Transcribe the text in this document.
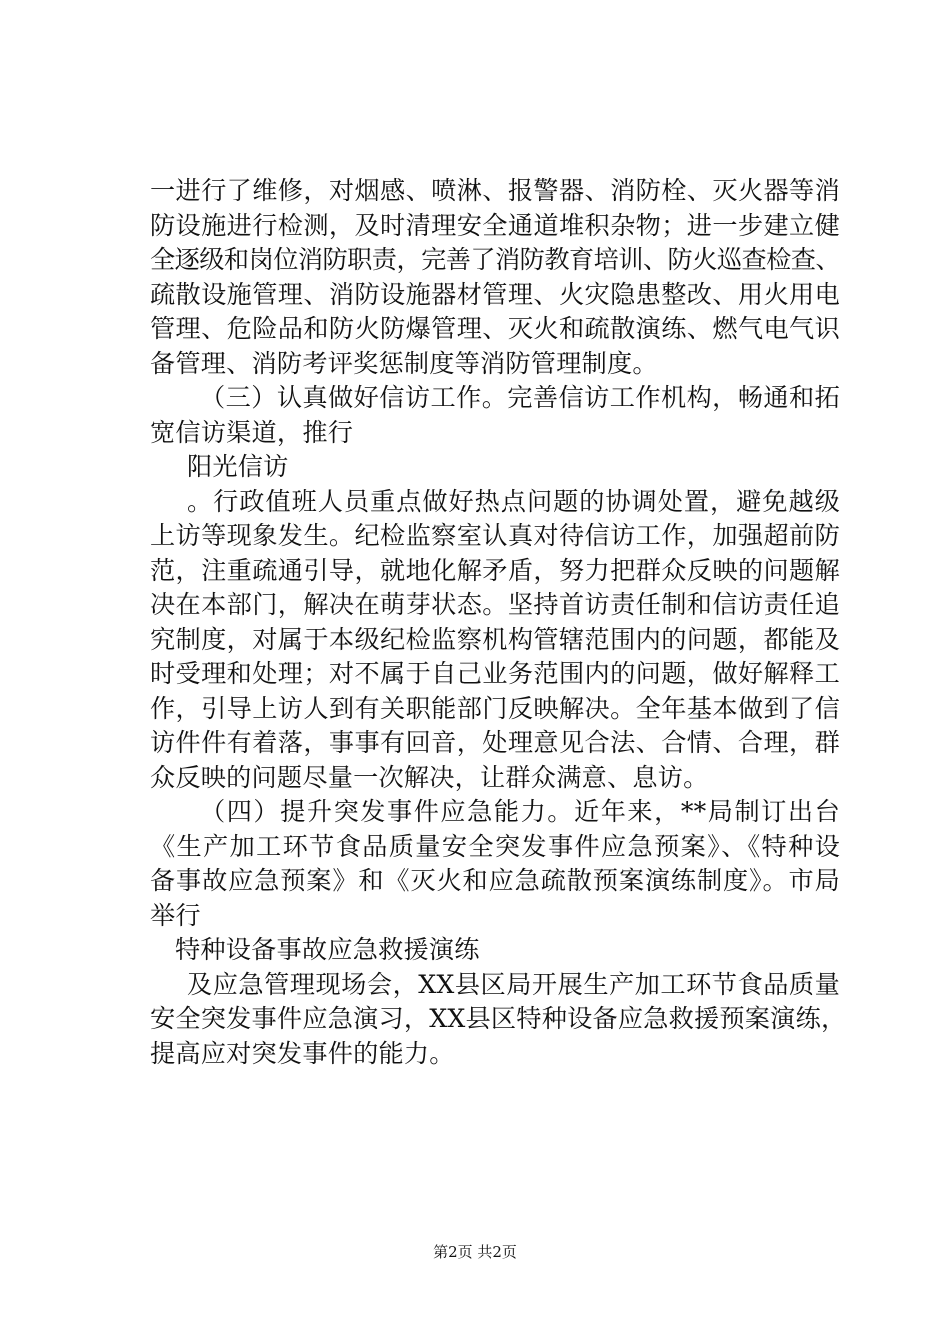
一进行了维修，对烟感、喷淋、报警器、消防栓、灭火器等消
防设施进行检测，及时清理安全通道堆积杂物；进一步建立健
全逐级和岗位消防职责，完善了消防教育培训、防火巡查检查、
疏散设施管理、消防设施器材管理、火灾隐患整改、用火用电
管理、危险品和防火防爆管理、灭火和疏散演练、燃气电气识
备管理、消防考评奖惩制度等消防管理制度。
（三）认真做好信访工作。完善信访工作机构，畅通和拓
宽信访渠道，推行
阳光信访
。行政值班人员重点做好热点问题的协调处置，避免越级
上访等现象发生。纪检监察室认真对待信访工作，加强超前防
范，注重疏通引导，就地化解矛盾，努力把群众反映的问题解
决在本部门，解决在萌芽状态。坚持首访责任制和信访责任追
究制度，对属于本级纪检监察机构管辖范围内的问题，都能及
时受理和处理；对不属于自己业务范围内的问题，做好解释工
作，引导上访人到有关职能部门反映解决。全年基本做到了信
访件件有着落，事事有回音，处理意见合法、合情、合理，群
众反映的问题尽量一次解决，让群众满意、息访。
（四）提升突发事件应急能力。近年来，**局制订出台
《生产加工环节食品质量安全突发事件应急预案》、《特种设
备事故应急预案》和《灭火和应急疏散预案演练制度》。市局
举行
特种设备事故应急救援演练
及应急管理现场会，XX县区局开展生产加工环节食品质量
安全突发事件应急演习，XX县区特种设备应急救援预案演练，
提高应对突发事件的能力。
第2页 共2页
